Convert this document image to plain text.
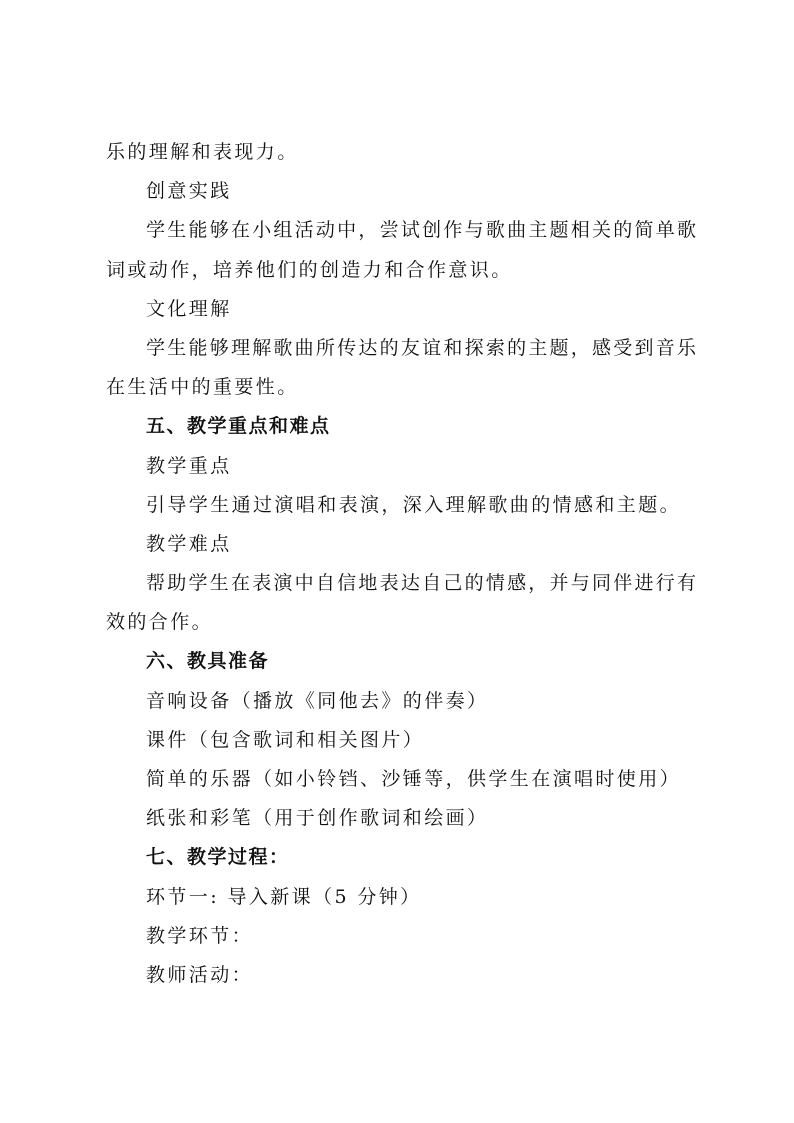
乐的理解和表现力。
创意实践
学生能够在小组活动中，尝试创作与歌曲主题相关的简单歌
词或动作，培养他们的创造力和合作意识。
文化理解
学生能够理解歌曲所传达的友谊和探索的主题，感受到音乐
在生活中的重要性。
五、教学重点和难点
教学重点
引导学生通过演唱和表演，深入理解歌曲的情感和主题。
教学难点
帮助学生在表演中自信地表达自己的情感，并与同伴进行有
效的合作。
六、教具准备
音响设备（播放《同他去》的伴奏）
课件（包含歌词和相关图片）
简单的乐器（如小铃铛、沙锤等，供学生在演唱时使用）
纸张和彩笔（用于创作歌词和绘画）
七、教学过程：
环节一: 导入新课（5 分钟）
教学环节：
教师活动：
